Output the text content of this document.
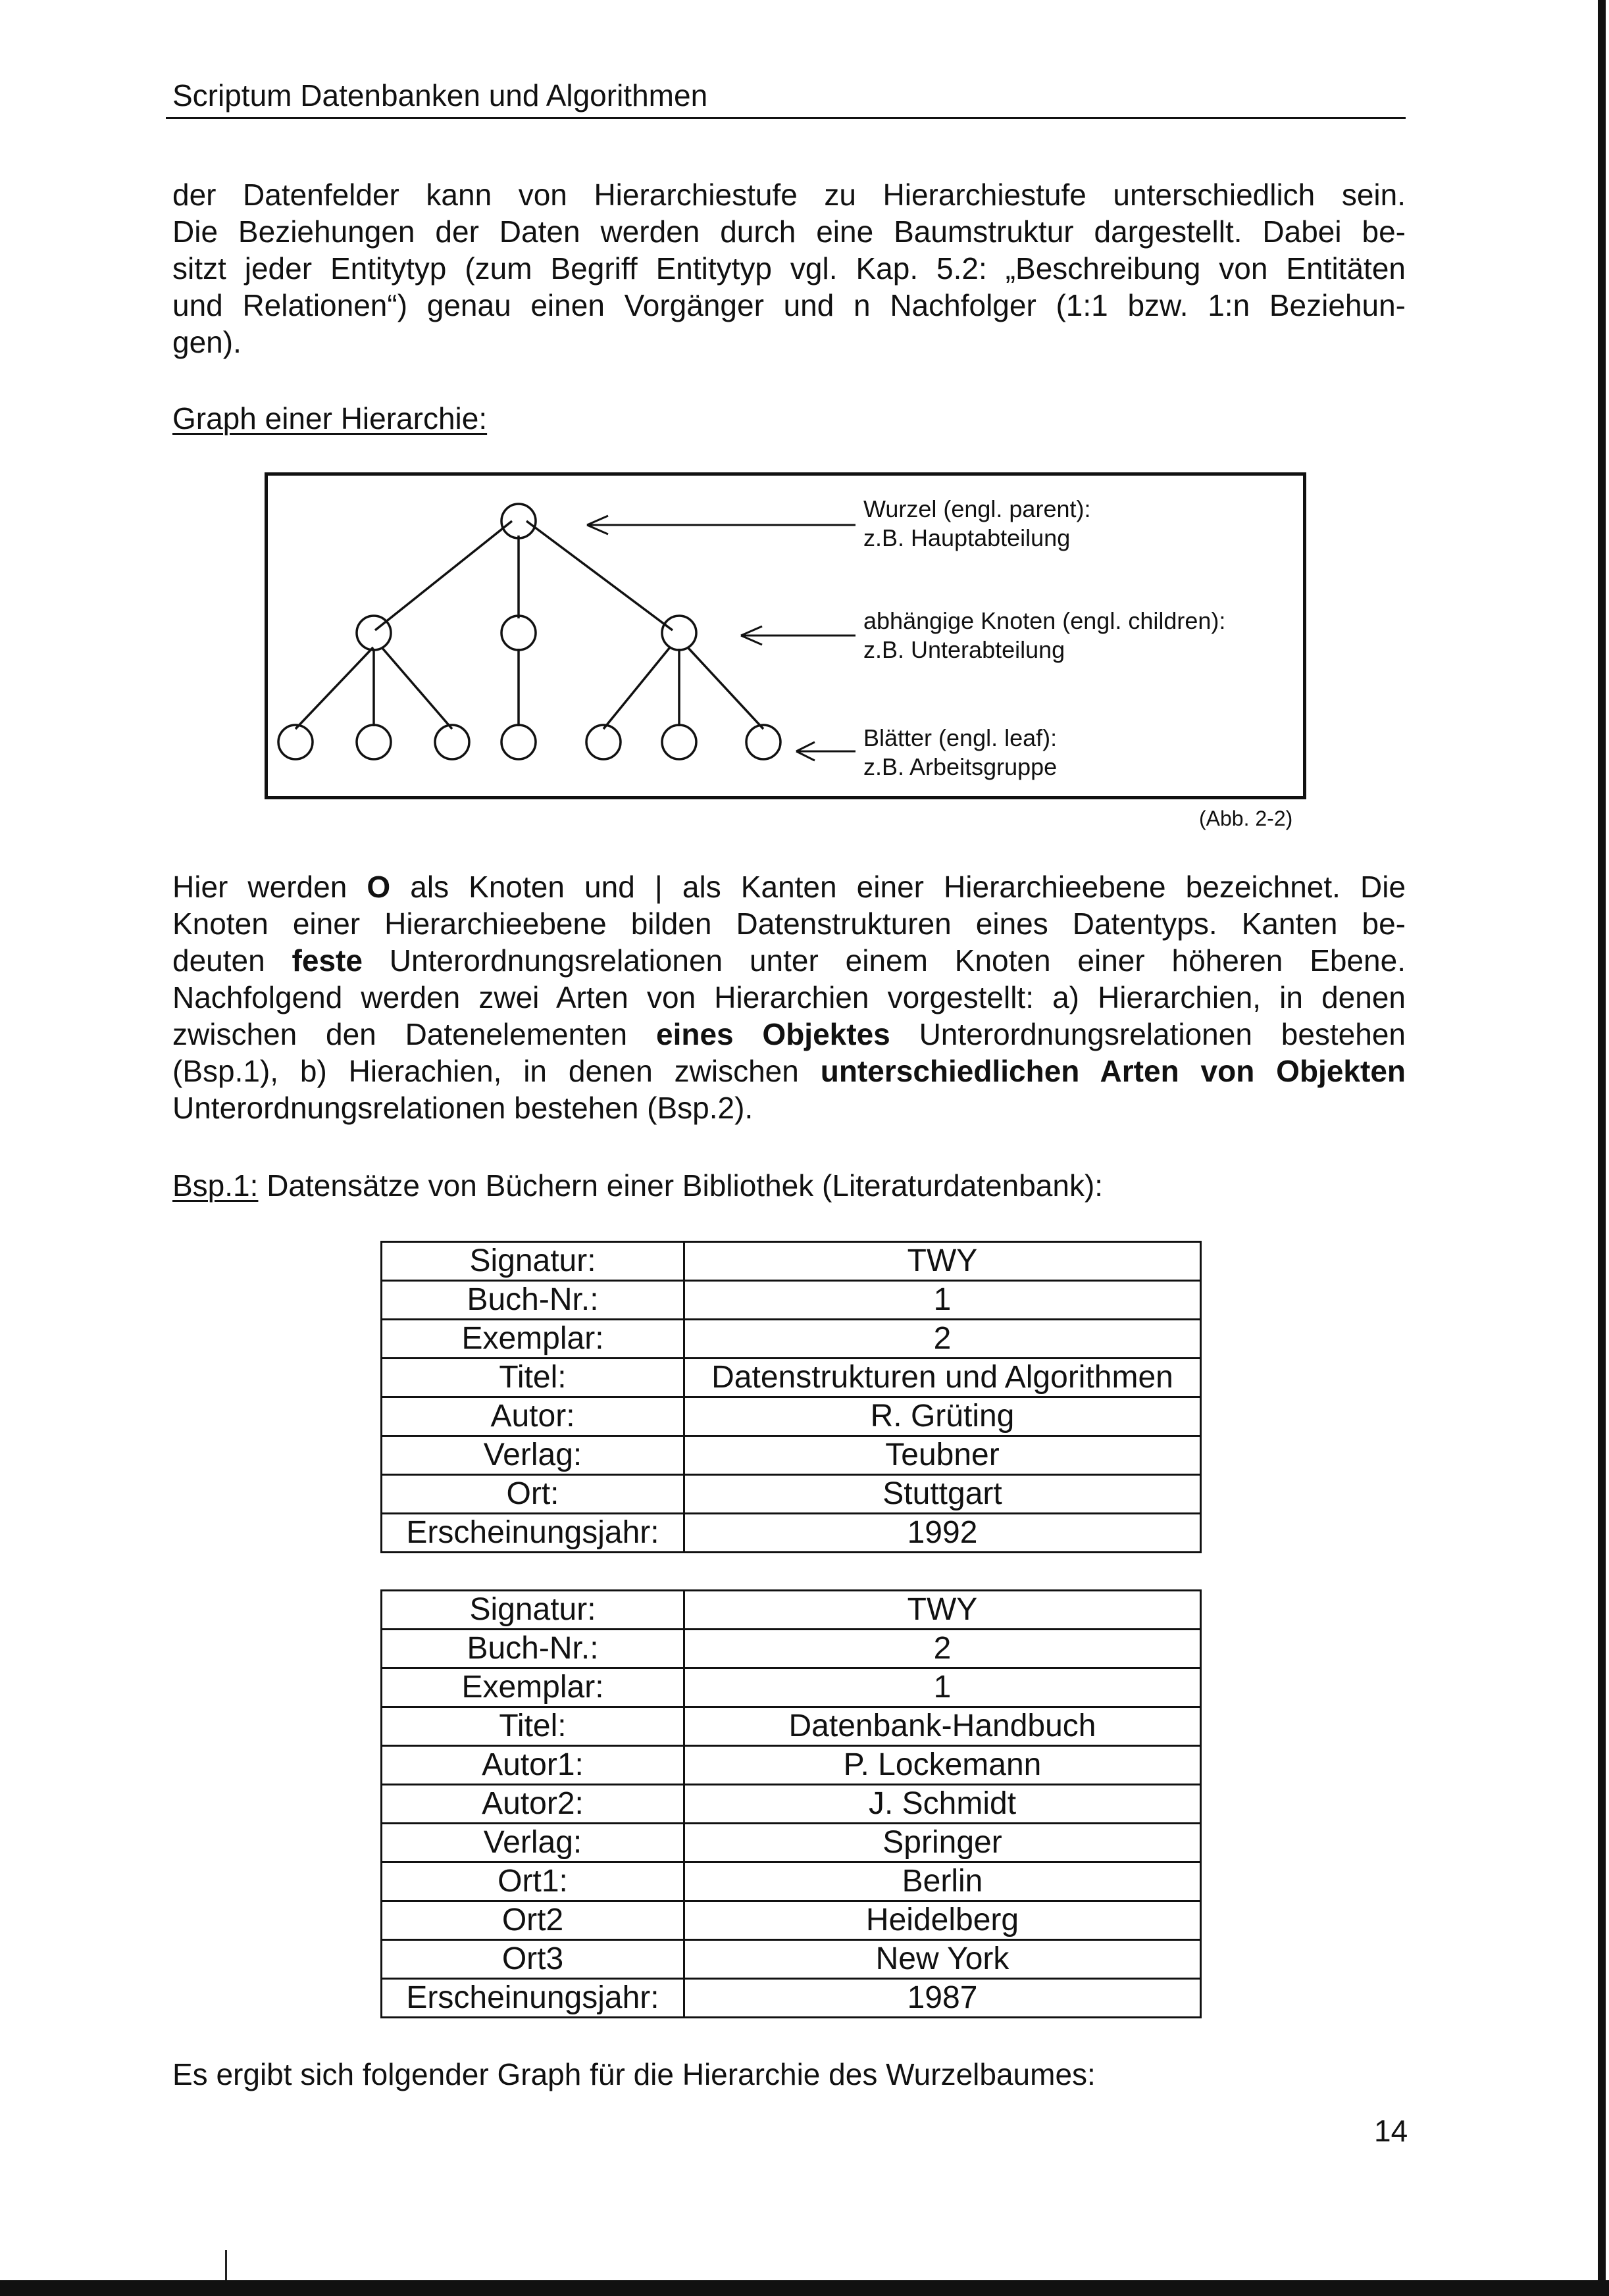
Scriptum Datenbanken und Algorithmen
der Datenfelder kann von Hierarchiestufe zu Hierarchiestufe unterschiedlich sein.
Die Beziehungen der Daten werden durch eine Baumstruktur dargestellt. Dabei be-
sitzt jeder Entitytyp (zum Begriff Entitytyp vgl. Kap. 5.2: „Beschreibung von Entitäten
und Relationen“) genau einen Vorgänger und n Nachfolger (1:1 bzw. 1:n Beziehun-
gen).
Graph einer Hierarchie:
Wurzel (engl. parent):
z.B. Hauptabteilung
abhängige Knoten (engl. children):
z.B. Unterabteilung
Blätter (engl. leaf):
z.B. Arbeitsgruppe
(Abb. 2-2)
Hier werden O als Knoten und | als Kanten einer Hierarchieebene bezeichnet. Die
Knoten einer Hierarchieebene bilden Datenstrukturen eines Datentyps. Kanten be-
deuten feste Unterordnungsrelationen unter einem Knoten einer höheren Ebene.
Nachfolgend werden zwei Arten von Hierarchien vorgestellt: a) Hierarchien, in denen
zwischen den Datenelementen eines Objektes Unterordnungsrelationen bestehen
(Bsp.1), b) Hierachien, in denen zwischen unterschiedlichen Arten von Objekten
Unterordnungsrelationen bestehen (Bsp.2).
Bsp.1: Datensätze von Büchern einer Bibliothek (Literaturdatenbank):
Signatur:	TWY
Buch-Nr.:	1
Exemplar:	2
Titel:	Datenstrukturen und Algorithmen
Autor:	R. Grüting
Verlag:	Teubner
Ort:	Stuttgart
Erscheinungsjahr:	1992
Signatur:	TWY
Buch-Nr.:	2
Exemplar:	1
Titel:	Datenbank-Handbuch
Autor1:	P. Lockemann
Autor2:	J. Schmidt
Verlag:	Springer
Ort1:	Berlin
Ort2	Heidelberg
Ort3	New York
Erscheinungsjahr:	1987
Es ergibt sich folgender Graph für die Hierarchie des Wurzelbaumes:
14
